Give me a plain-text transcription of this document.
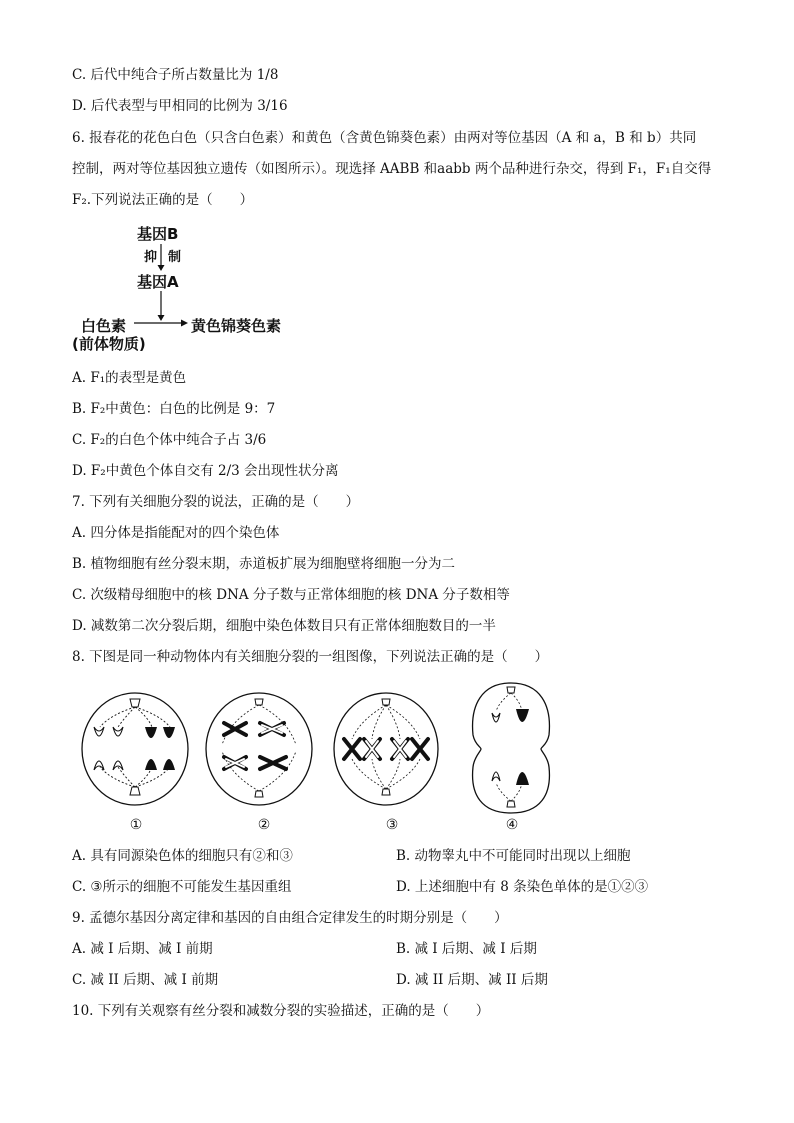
C. 后代中纯合子所占数量比为 1/8
D. 后代表型与甲相同的比例为 3/16
6. 报春花的花色白色（只含白色素）和黄色（含黄色锦葵色素）由两对等位基因（A 和 a，B 和 b）共同
控制，两对等位基因独立遗传（如图所示）。现选择 AABB 和aabb 两个品种进行杂交，得到 F₁，F₁自交得
F₂.下列说法正确的是（　　）
基因B
抑 制
基因A
白色素	黄色锦葵色素
(前体物质)
A. F₁的表型是黄色
B. F₂中黄色：白色的比例是 9：7
C. F₂的白色个体中纯合子占 3/6
D. F₂中黄色个体自交有 2/3 会出现性状分离
7. 下列有关细胞分裂的说法，正确的是（　　）
A. 四分体是指能配对的四个染色体
B. 植物细胞有丝分裂末期，赤道板扩展为细胞壁将细胞一分为二
C. 次级精母细胞中的核 DNA 分子数与正常体细胞的核 DNA 分子数相等
D. 减数第二次分裂后期，细胞中染色体数目只有正常体细胞数目的一半
8. 下图是同一种动物体内有关细胞分裂的一组图像，下列说法正确的是（　　）
①	②	③	④
A. 具有同源染色体的细胞只有②和③	B. 动物睾丸中不可能同时出现以上细胞
C. ③所示的细胞不可能发生基因重组	D. 上述细胞中有 8 条染色单体的是①②③
9. 孟德尔基因分离定律和基因的自由组合定律发生的时期分别是（　　）
A. 减 I 后期、减 I 前期	B. 减 I 后期、减 I 后期
C. 减 II 后期、减 I 前期	D. 减 II 后期、减 II 后期
10. 下列有关观察有丝分裂和减数分裂的实验描述，正确的是（　　）
